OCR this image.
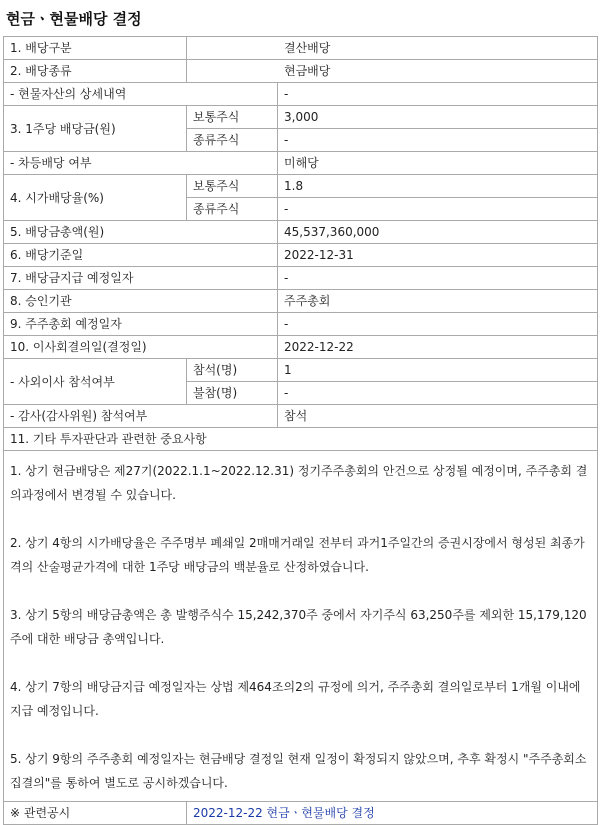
현금ㆍ현물배당 결정
1. 배당구분	결산배당	
2. 배당종류	현금배당	
- 현물자산의 상세내역		-
3. 1주당 배당금(원)	보통주식	3,000
	종류주식	-
- 차등배당 여부		미해당
4. 시가배당율(%)	보통주식	1.8
	종류주식	-
5. 배당금총액(원)		45,537,360,000
6. 배당기준일		2022-12-31
7. 배당금지급 예정일자		-
8. 승인기관		주주총회
9. 주주총회 예정일자		-
10. 이사회결의일(결정일)		2022-12-22
- 사외이사 참석여부	참석(명)	1
	불참(명)	-
- 감사(감사위원) 참석여부		참석
11. 기타 투자판단과 관련한 중요사항		

1. 상기 현금배당은 제27기(2022.1.1~2022.12.31) 정기주주총회의 안건으로 상정될 예정이며, 주주총회 결의과정에서 변경될 수 있습니다.

2. 상기 4항의 시가배당율은 주주명부 폐쇄일 2매매거래일 전부터 과거1주일간의 증권시장에서 형성된 최종가격의 산술평균가격에 대한 1주당 배당금의 백분율로 산정하였습니다.

3. 상기 5항의 배당금총액은 총 발행주식수 15,242,370주 중에서 자기주식 63,250주를 제외한 15,179,120주에 대한 배당금 총액입니다.

4. 상기 7항의 배당금지급 예정일자는 상법 제464조의2의 규정에 의거, 주주총회 결의일로부터 1개월 이내에 지급 예정입니다.

5. 상기 9항의 주주총회 예정일자는 현금배당 결정일 현재 일정이 확정되지 않았으며, 추후 확정시 "주주총회소집결의"를 통하여 별도로 공시하겠습니다.		

※ 관련공시	2022-12-22 현금ㆍ현물배당 결정	
